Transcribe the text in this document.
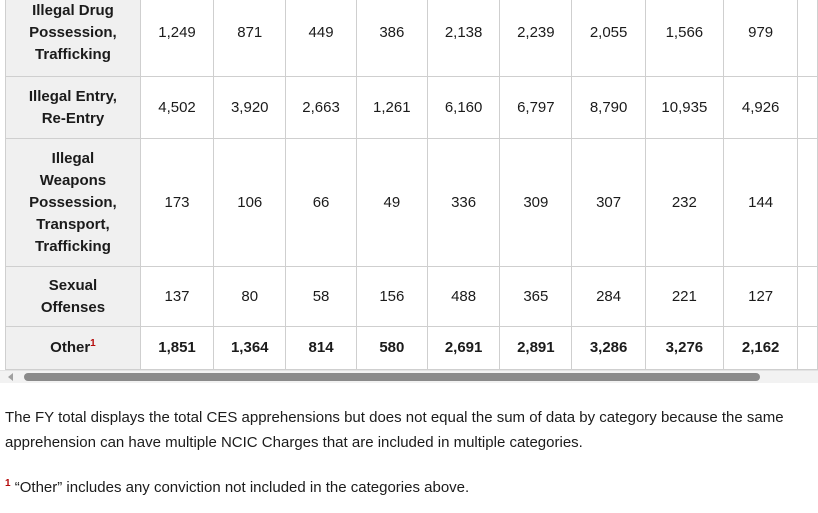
Illegal Drug
Possession,
Trafficking	1,249	871	449	386	2,138	2,239	2,055	1,566	979	
Illegal Entry,
Re-Entry	4,502	3,920	2,663	1,261	6,160	6,797	8,790	10,935	4,926	
Illegal
Weapons
Possession,
Transport,
Trafficking	173	106	66	49	336	309	307	232	144	
Sexual
Offenses	137	80	58	156	488	365	284	221	127	
Other$^1$	1,851	1,364	814	580	2,691	2,891	3,286	3,276	2,162	

The FY total displays the total CES apprehensions but does not equal the sum of data by category because the same apprehension can have multiple NCIC Charges that are included in multiple categories.

$^1$ “Other” includes any conviction not included in the categories above.
